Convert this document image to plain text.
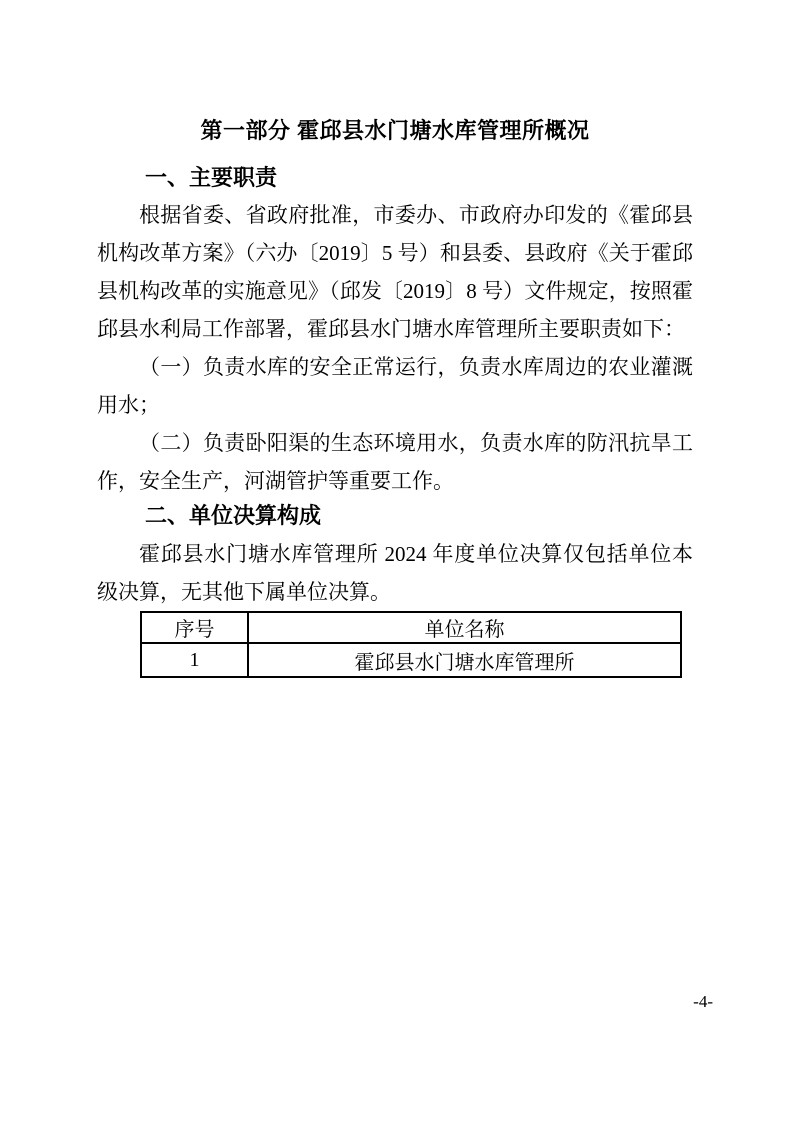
第一部分 霍邱县水门塘水库管理所概况
一、主要职责

根据省委、省政府批准，市委办、市政府办印发的《霍邱县机构改革方案》（六办〔2019〕5 号）和县委、县政府《关于霍邱县机构改革的实施意见》（邱发〔2019〕8 号）文件规定，按照霍邱县水利局工作部署，霍邱县水门塘水库管理所主要职责如下：

（一）负责水库的安全正常运行，负责水库周边的农业灌溉用水；

（二）负责卧阳渠的生态环境用水，负责水库的防汛抗旱工作，安全生产，河湖管护等重要工作。

二、单位决算构成

霍邱县水门塘水库管理所 2024 年度单位决算仅包括单位本级决算，无其他下属单位决算。

序号	单位名称
1	霍邱县水门塘水库管理所
-4-
